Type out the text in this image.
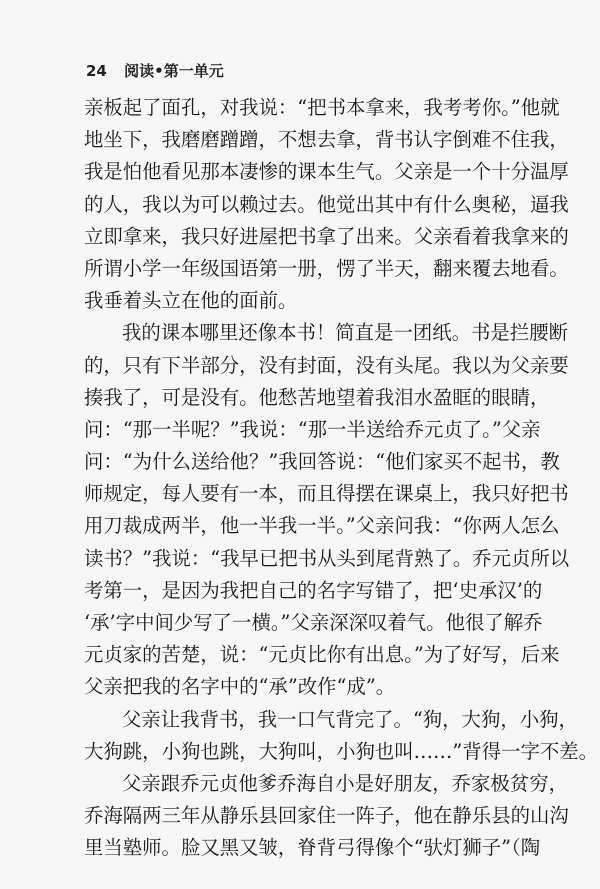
24 阅读•第一单元
亲板起了面孔，对我说：“把书本拿来，我考考你。”他就
地坐下，我磨磨蹭蹭，不想去拿，背书认字倒难不住我，
我是怕他看见那本凄惨的课本生气。父亲是一个十分温厚
的人，我以为可以赖过去。他觉出其中有什么奥秘，逼我
立即拿来，我只好进屋把书拿了出来。父亲看着我拿来的
所谓小学一年级国语第一册，愣了半天，翻来覆去地看。
我垂着头立在他的面前。
我的课本哪里还像本书！简直是一团纸。书是拦腰断
的，只有下半部分，没有封面，没有头尾。我以为父亲要
揍我了，可是没有。他愁苦地望着我泪水盈眶的眼睛，
问：“那一半呢？”我说：“那一半送给乔元贞了。”父亲
问：“为什么送给他？”我回答说：“他们家买不起书，教
师规定，每人要有一本，而且得摆在课桌上，我只好把书
用刀裁成两半，他一半我一半。”父亲问我：“你两人怎么
读书？”我说：“我早已把书从头到尾背熟了。乔元贞所以
考第一，是因为我把自己的名字写错了，把‘史承汉’的
‘承’字中间少写了一横。”父亲深深叹着气。他很了解乔
元贞家的苦楚，说：“元贞比你有出息。”为了好写，后来
父亲把我的名字中的“承”改作“成”。
父亲让我背书，我一口气背完了。“狗，大狗，小狗，
大狗跳，小狗也跳，大狗叫，小狗也叫……”背得一字不差。
父亲跟乔元贞他爹乔海自小是好朋友，乔家极贫穷，
乔海隔两三年从静乐县回家住一阵子，他在静乐县的山沟
里当塾师。脸又黑又皱，脊背弓得像个“驮灯狮子”（陶
